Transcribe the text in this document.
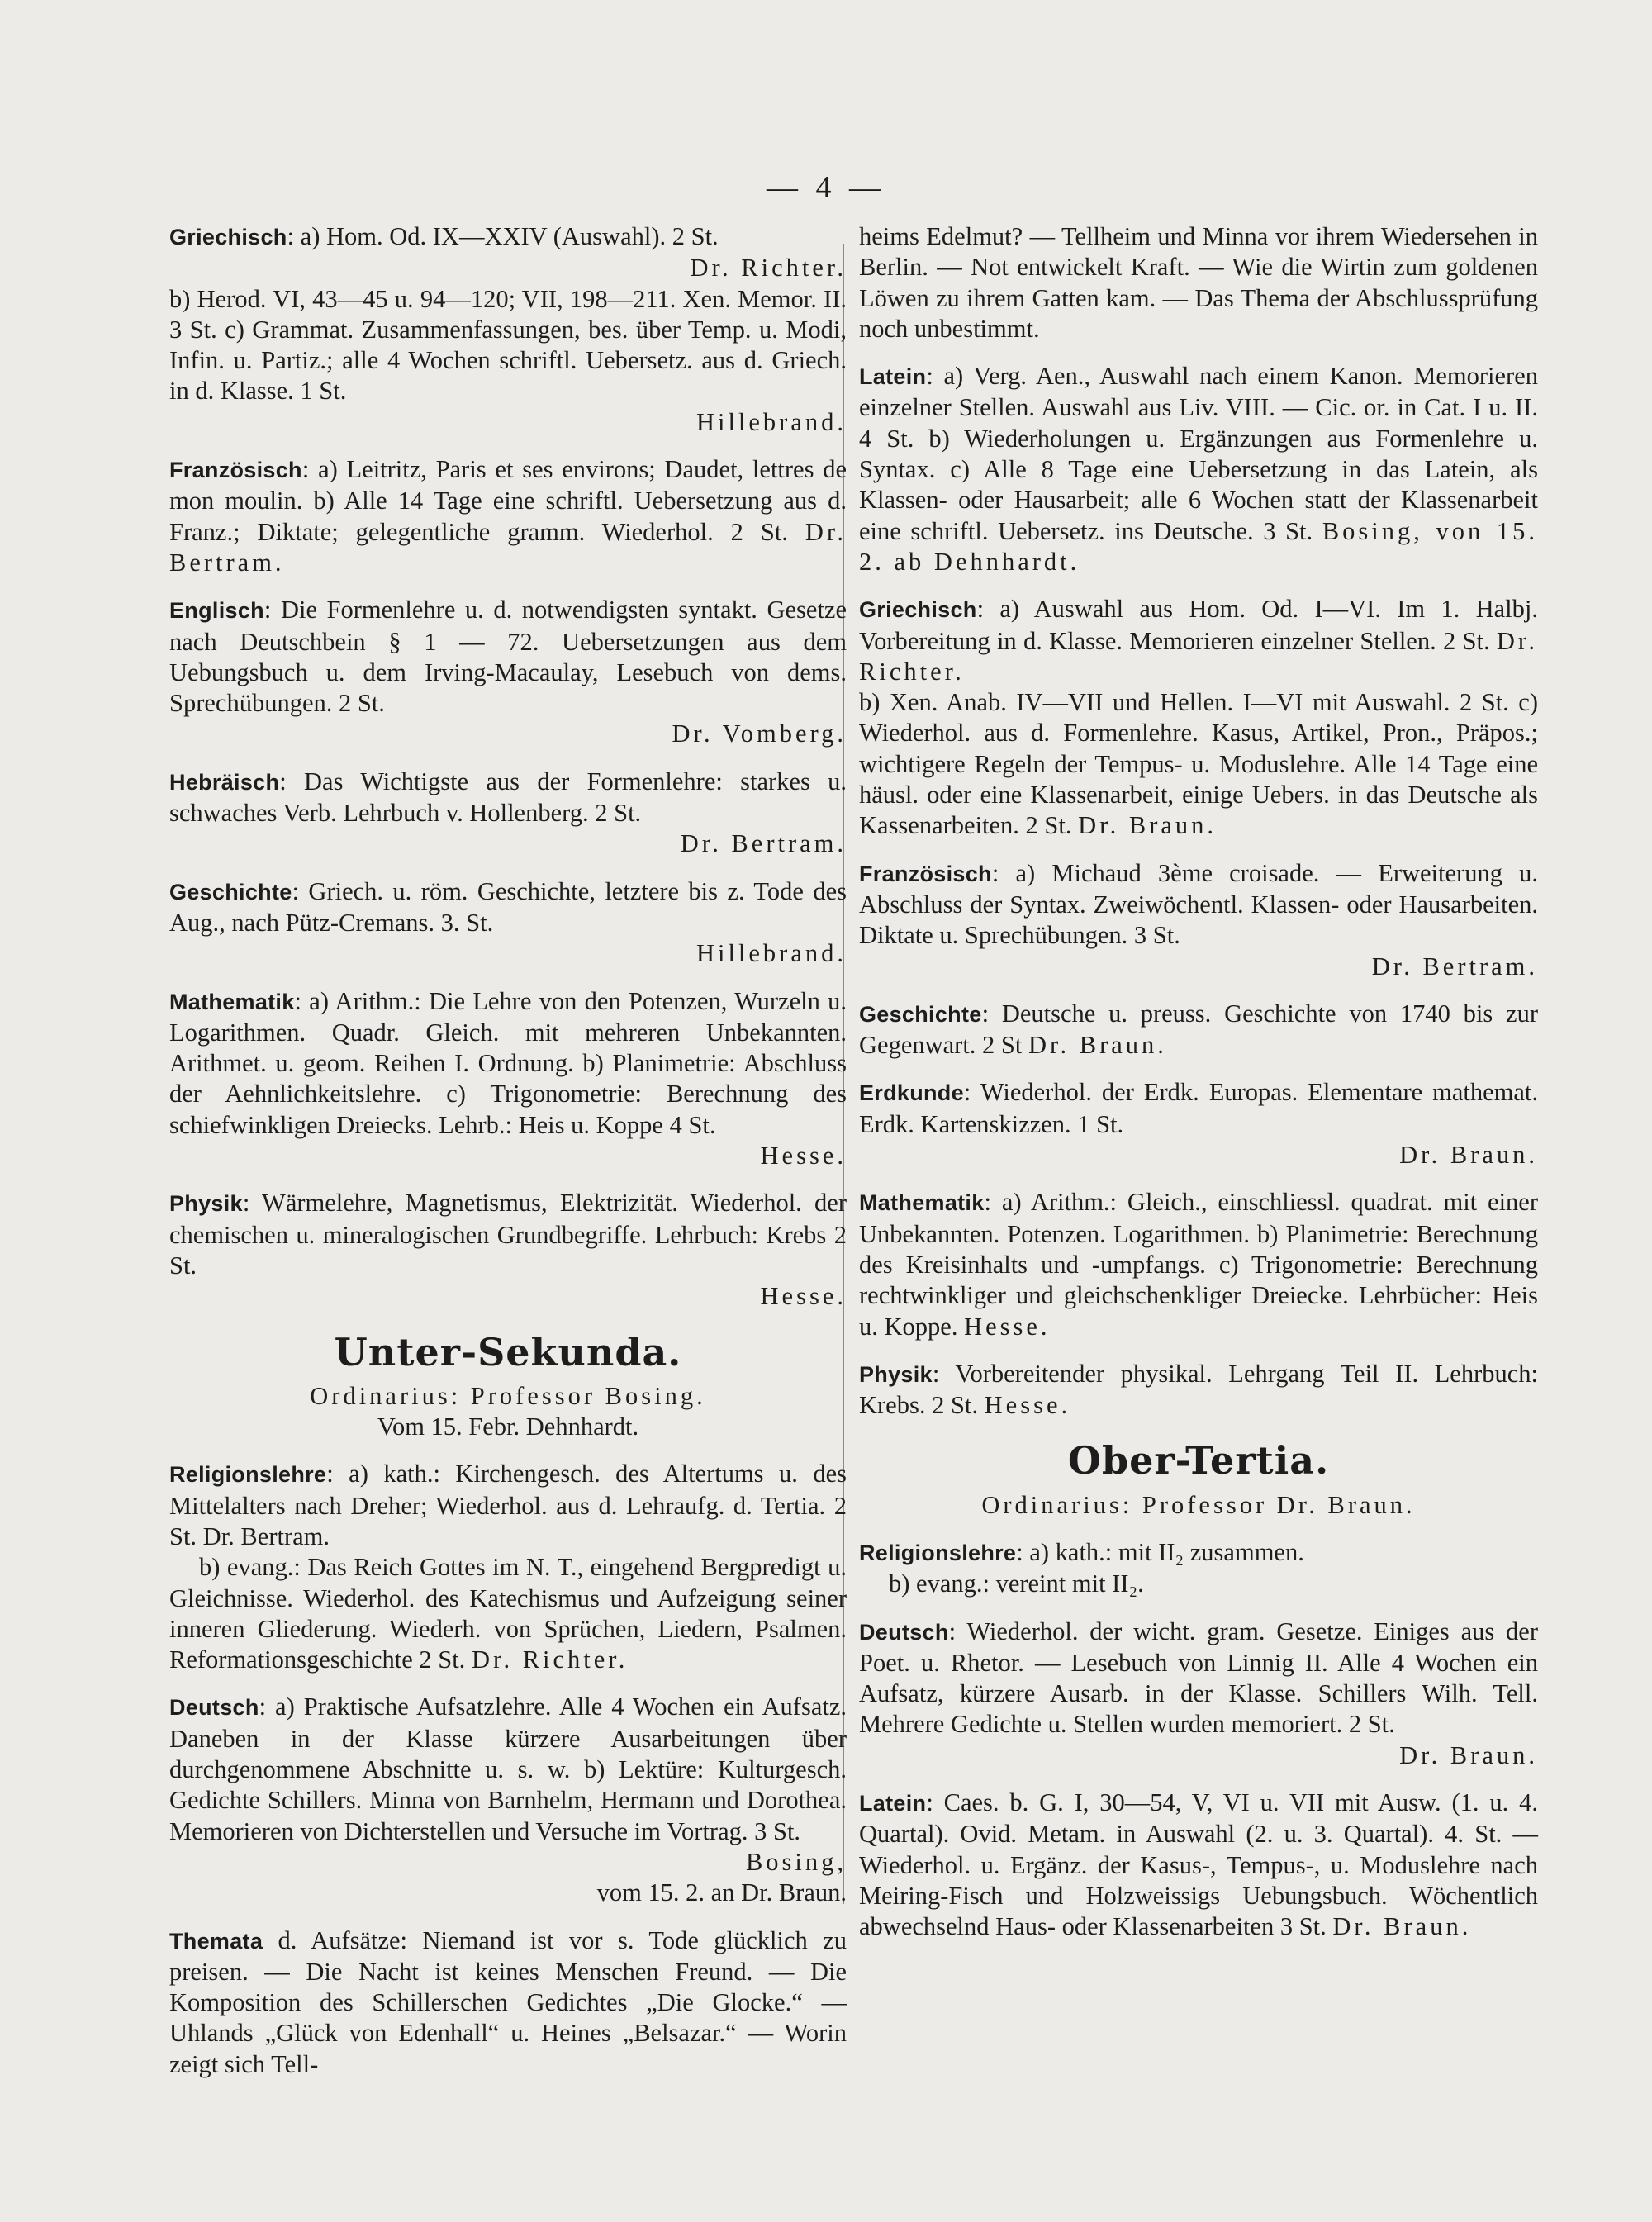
— 4 —

Griechisch: a) Hom. Od. IX—XXIV (Auswahl). 2 St.
Dr. Richter.

b) Herod. VI, 43—45 u. 94—120; VII, 198—211. Xen. Memor. II. 3 St. c) Grammat. Zusammenfassungen, bes. über Temp. u. Modi, Infin. u. Partiz.; alle 4 Wochen schriftl. Uebersetz. aus d. Griech. in d. Klasse. 1 St.
Hillebrand.

Französisch: a) Leitritz, Paris et ses environs; Daudet, lettres de mon moulin. b) Alle 14 Tage eine schriftl. Uebersetzung aus d. Franz.; Diktate; gelegentliche gramm. Wiederhol. 2 St. Dr. Bertram.

Englisch: Die Formenlehre u. d. notwendigsten syntakt. Gesetze nach Deutschbein § 1 — 72. Uebersetzungen aus dem Uebungsbuch u. dem Irving-Macaulay, Lesebuch von dems. Sprechübungen. 2 St.
Dr. Vomberg.

Hebräisch: Das Wichtigste aus der Formenlehre: starkes u. schwaches Verb. Lehrbuch v. Hollenberg. 2 St.
Dr. Bertram.

Geschichte: Griech. u. röm. Geschichte, letztere bis z. Tode des Aug., nach Pütz-Cremans. 3. St.
Hillebrand.

Mathematik: a) Arithm.: Die Lehre von den Potenzen, Wurzeln u. Logarithmen. Quadr. Gleich. mit mehreren Unbekannten. Arithmet. u. geom. Reihen I. Ordnung. b) Planimetrie: Abschluss der Aehnlichkeitslehre. c) Trigonometrie: Berechnung des schiefwinkligen Dreiecks. Lehrb.: Heis u. Koppe 4 St.
Hesse.

Physik: Wärmelehre, Magnetismus, Elektrizität. Wiederhol. der chemischen u. mineralogischen Grundbegriffe. Lehrbuch: Krebs 2 St.
Hesse.

Unter-Sekunda.
Ordinarius: Professor Bosing.
Vom 15. Febr. Dehnhardt.

Religionslehre: a) kath.: Kirchengesch. des Altertums u. des Mittelalters nach Dreher; Wiederhol. aus d. Lehraufg. d. Tertia. 2 St. Dr. Bertram.

b) evang.: Das Reich Gottes im N. T., eingehend Bergpredigt u. Gleichnisse. Wiederhol. des Katechismus und Aufzeigung seiner inneren Gliederung. Wiederh. von Sprüchen, Liedern, Psalmen. Reformationsgeschichte 2 St. Dr. Richter.

Deutsch: a) Praktische Aufsatzlehre. Alle 4 Wochen ein Aufsatz. Daneben in der Klasse kürzere Ausarbeitungen über durchgenommene Abschnitte u. s. w. b) Lektüre: Kulturgesch. Gedichte Schillers. Minna von Barnhelm, Hermann und Dorothea. Memorieren von Dichterstellen und Versuche im Vortrag. 3 St.
Bosing,
vom 15. 2. an Dr. Braun.

Themata d. Aufsätze: Niemand ist vor s. Tode glücklich zu preisen. — Die Nacht ist keines Menschen Freund. — Die Komposition des Schillerschen Gedichtes „Die Glocke.“ — Uhlands „Glück von Edenhall“ u. Heines „Belsazar.“ — Worin zeigt sich Tell-

heims Edelmut? — Tellheim und Minna vor ihrem Wiedersehen in Berlin. — Not entwickelt Kraft. — Wie die Wirtin zum goldenen Löwen zu ihrem Gatten kam. — Das Thema der Abschlussprüfung noch unbestimmt.

Latein: a) Verg. Aen., Auswahl nach einem Kanon. Memorieren einzelner Stellen. Auswahl aus Liv. VIII. — Cic. or. in Cat. I u. II. 4 St. b) Wiederholungen u. Ergänzungen aus Formenlehre u. Syntax. c) Alle 8 Tage eine Uebersetzung in das Latein, als Klassen- oder Hausarbeit; alle 6 Wochen statt der Klassenarbeit eine schriftl. Uebersetz. ins Deutsche. 3 St. Bosing, von 15. 2. ab Dehnhardt.

Griechisch: a) Auswahl aus Hom. Od. I—VI. Im 1. Halbj. Vorbereitung in d. Klasse. Memorieren einzelner Stellen. 2 St. Dr. Richter.

b) Xen. Anab. IV—VII und Hellen. I—VI mit Auswahl. 2 St. c) Wiederhol. aus d. Formenlehre. Kasus, Artikel, Pron., Präpos.; wichtigere Regeln der Tempus- u. Moduslehre. Alle 14 Tage eine häusl. oder eine Klassenarbeit, einige Uebers. in das Deutsche als Kassenarbeiten. 2 St. Dr. Braun.

Französisch: a) Michaud 3ème croisade. — Erweiterung u. Abschluss der Syntax. Zweiwöchentl. Klassen- oder Hausarbeiten. Diktate u. Sprechübungen. 3 St.
Dr. Bertram.

Geschichte: Deutsche u. preuss. Geschichte von 1740 bis zur Gegenwart. 2 St Dr. Braun.

Erdkunde: Wiederhol. der Erdk. Europas. Elementare mathemat. Erdk. Kartenskizzen. 1 St.
Dr. Braun.

Mathematik: a) Arithm.: Gleich., einschliessl. quadrat. mit einer Unbekannten. Potenzen. Logarithmen. b) Planimetrie: Berechnung des Kreisinhalts und -umpfangs. c) Trigonometrie: Berechnung rechtwinkliger und gleichschenkliger Dreiecke. Lehrbücher: Heis u. Koppe. Hesse.

Physik: Vorbereitender physikal. Lehrgang Teil II. Lehrbuch: Krebs. 2 St. Hesse.

Ober-Tertia.
Ordinarius: Professor Dr. Braun.

Religionslehre: a) kath.: mit II₂ zusammen.

b) evang.: vereint mit II₂.

Deutsch: Wiederhol. der wicht. gram. Gesetze. Einiges aus der Poet. u. Rhetor. — Lesebuch von Linnig II. Alle 4 Wochen ein Aufsatz, kürzere Ausarb. in der Klasse. Schillers Wilh. Tell. Mehrere Gedichte u. Stellen wurden memoriert. 2 St.
Dr. Braun.

Latein: Caes. b. G. I, 30—54, V, VI u. VII mit Ausw. (1. u. 4. Quartal). Ovid. Metam. in Auswahl (2. u. 3. Quartal). 4. St. — Wiederhol. u. Ergänz. der Kasus-, Tempus-, u. Moduslehre nach Meiring-Fisch und Holzweissigs Uebungsbuch. Wöchentlich abwechselnd Haus- oder Klassenarbeiten 3 St. Dr. Braun.
